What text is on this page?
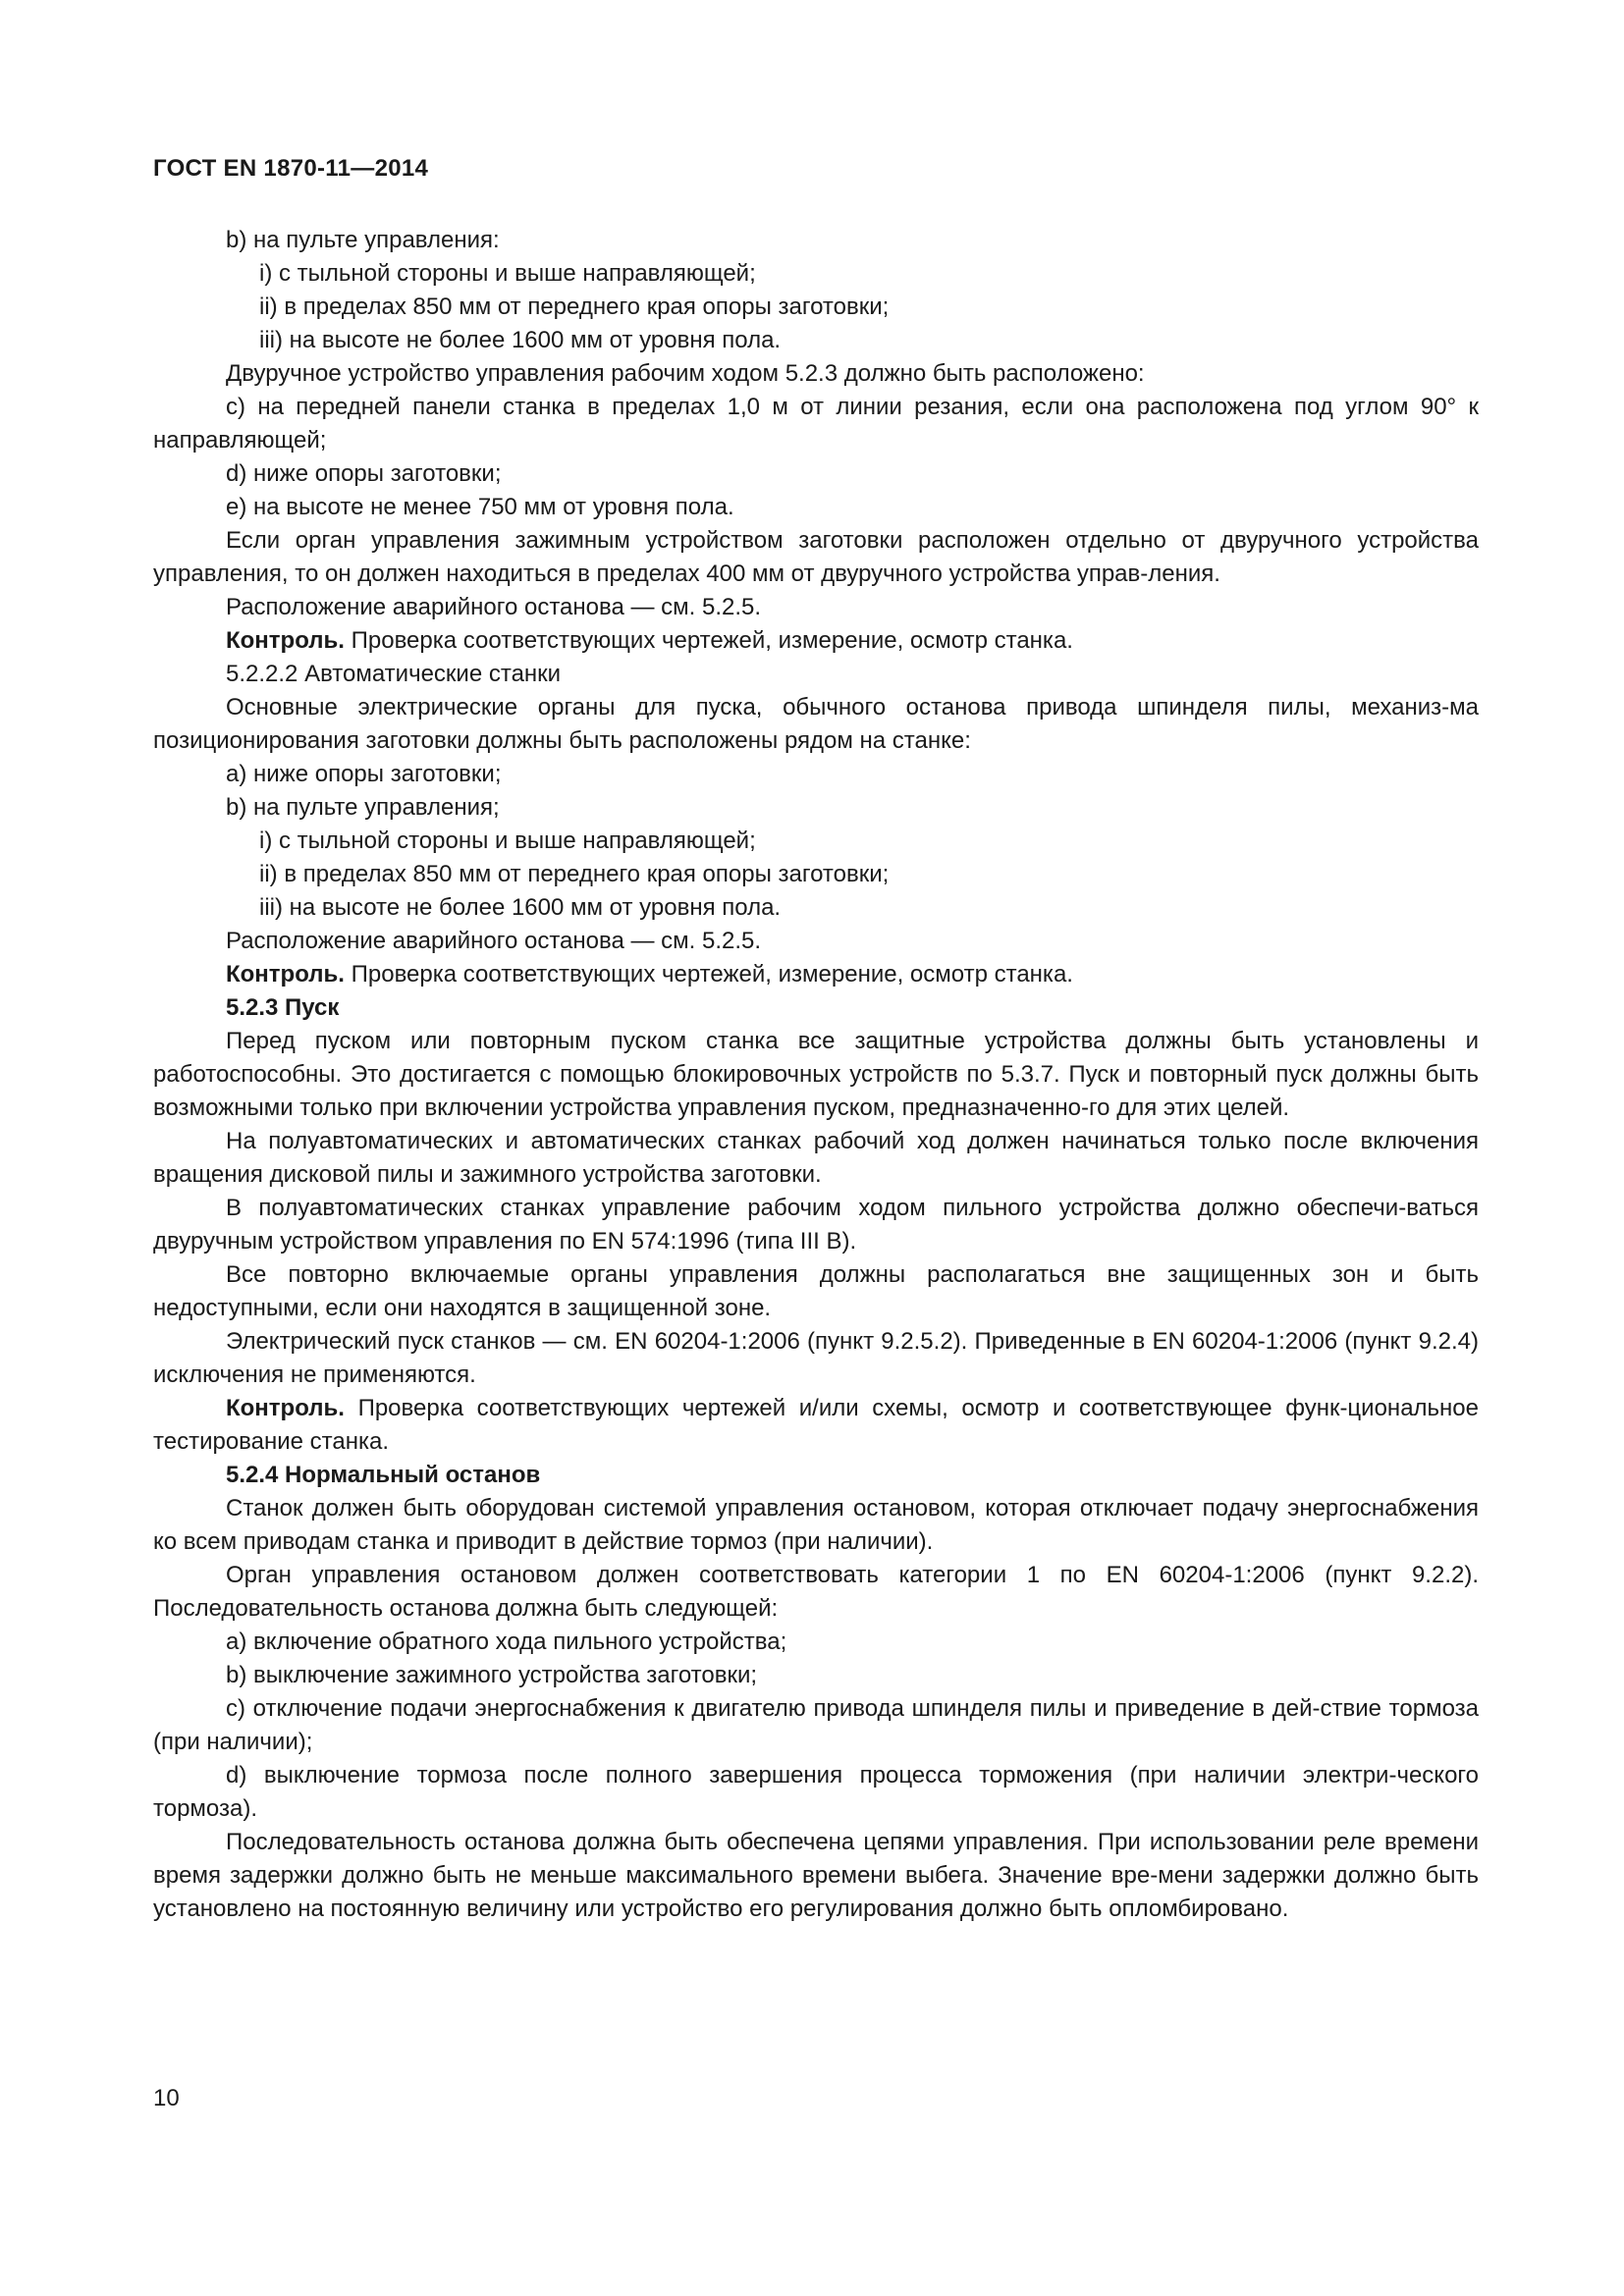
ГОСТ EN 1870-11—2014

b) на пульте управления:

i) с тыльной стороны и выше направляющей;

ii) в пределах 850 мм от переднего края опоры заготовки;

iii) на высоте не более 1600 мм от уровня пола.

Двуручное устройство управления рабочим ходом 5.2.3 должно быть расположено:

с) на передней панели станка в пределах 1,0 м от линии резания, если она расположена под углом 90° к направляющей;

d) ниже опоры заготовки;

е) на высоте не менее 750 мм от уровня пола.

Если орган управления зажимным устройством заготовки расположен отдельно от двуручного устройства управления, то он должен находиться в пределах 400 мм от двуручного устройства управ-ления.

Расположение аварийного останова — см. 5.2.5.

Контроль. Проверка соответствующих чертежей, измерение, осмотр станка.

5.2.2.2 Автоматические станки

Основные электрические органы для пуска, обычного останова привода шпинделя пилы, механиз-ма позиционирования заготовки должны быть расположены рядом на станке:

a) ниже опоры заготовки;

b) на пульте управления;

i) с тыльной стороны и выше направляющей;

ii) в пределах 850 мм от переднего края опоры заготовки;

iii) на высоте не более 1600 мм от уровня пола.

Расположение аварийного останова — см. 5.2.5.

Контроль. Проверка соответствующих чертежей, измерение, осмотр станка.

5.2.3 Пуск

Перед пуском или повторным пуском станка все защитные устройства должны быть установлены и работоспособны. Это достигается с помощью блокировочных устройств по 5.3.7. Пуск и повторный пуск должны быть возможными только при включении устройства управления пуском, предназначенно-го для этих целей.

На полуавтоматических и автоматических станках рабочий ход должен начинаться только после включения вращения дисковой пилы и зажимного устройства заготовки.

В полуавтоматических станках управление рабочим ходом пильного устройства должно обеспечи-ваться двуручным устройством управления по EN 574:1996 (типа III B).

Все повторно включаемые органы управления должны располагаться вне защищенных зон и быть недоступными, если они находятся в защищенной зоне.

Электрический пуск станков — см. EN 60204-1:2006 (пункт 9.2.5.2). Приведенные в EN 60204-1:2006 (пункт 9.2.4) исключения не применяются.

Контроль. Проверка соответствующих чертежей и/или схемы, осмотр и соответствующее функ-циональное тестирование станка.

5.2.4 Нормальный останов

Станок должен быть оборудован системой управления остановом, которая отключает подачу энергоснабжения ко всем приводам станка и приводит в действие тормоз (при наличии).

Орган управления остановом должен соответствовать категории 1 по EN 60204-1:2006 (пункт 9.2.2). Последовательность останова должна быть следующей:

a) включение обратного хода пильного устройства;

b) выключение зажимного устройства заготовки;

c) отключение подачи энергоснабжения к двигателю привода шпинделя пилы и приведение в дей-ствие тормоза (при наличии);

d) выключение тормоза после полного завершения процесса торможения (при наличии электри-ческого тормоза).

Последовательность останова должна быть обеспечена цепями управления. При использовании реле времени время задержки должно быть не меньше максимального времени выбега. Значение вре-мени задержки должно быть установлено на постоянную величину или устройство его регулирования должно быть опломбировано.

10
